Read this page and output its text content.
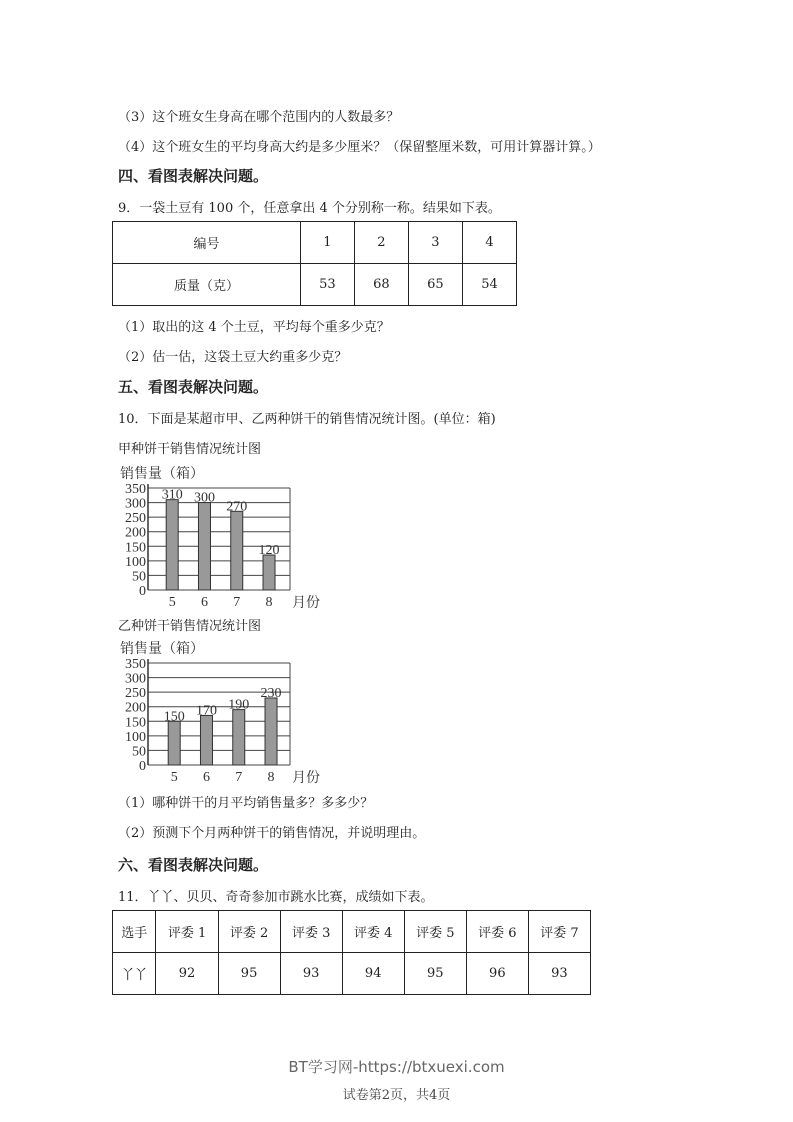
（3）这个班女生身高在哪个范围内的人数最多？
（4）这个班女生的平均身高大约是多少厘米？（保留整厘米数，可用计算器计算。）
四、看图表解决问题。
9．一袋土豆有 100 个，任意拿出 4 个分别称一称。结果如下表。
编号	1	2	3	4
质量（克）	53	68	65	54
（1）取出的这 4 个土豆，平均每个重多少克？
（2）估一估，这袋土豆大约重多少克？
五、看图表解决问题。
10．下面是某超市甲、乙两种饼干的销售情况统计图。(单位：箱)
甲种饼干销售情况统计图
销售量（箱）
0
50
100
150
200
250
300
350 310
5
300
6
270
7
120
8 月份
乙种饼干销售情况统计图
销售量（箱）
0
50
100
150
200
250
300
350
150
5
170
6
190
7
230
8 月份
（1）哪种饼干的月平均销售量多？多多少？
（2）预测下个月两种饼干的销售情况，并说明理由。
六、看图表解决问题。
11．丫丫、贝贝、奇奇参加市跳水比赛，成绩如下表。
选手	评委 1	评委 2	评委 3	评委 4	评委 5	评委 6	评委 7
丫丫	92	95	93	94	95	96	93
BT学习网-https://btxuexi.com
试卷第2页，共4页
